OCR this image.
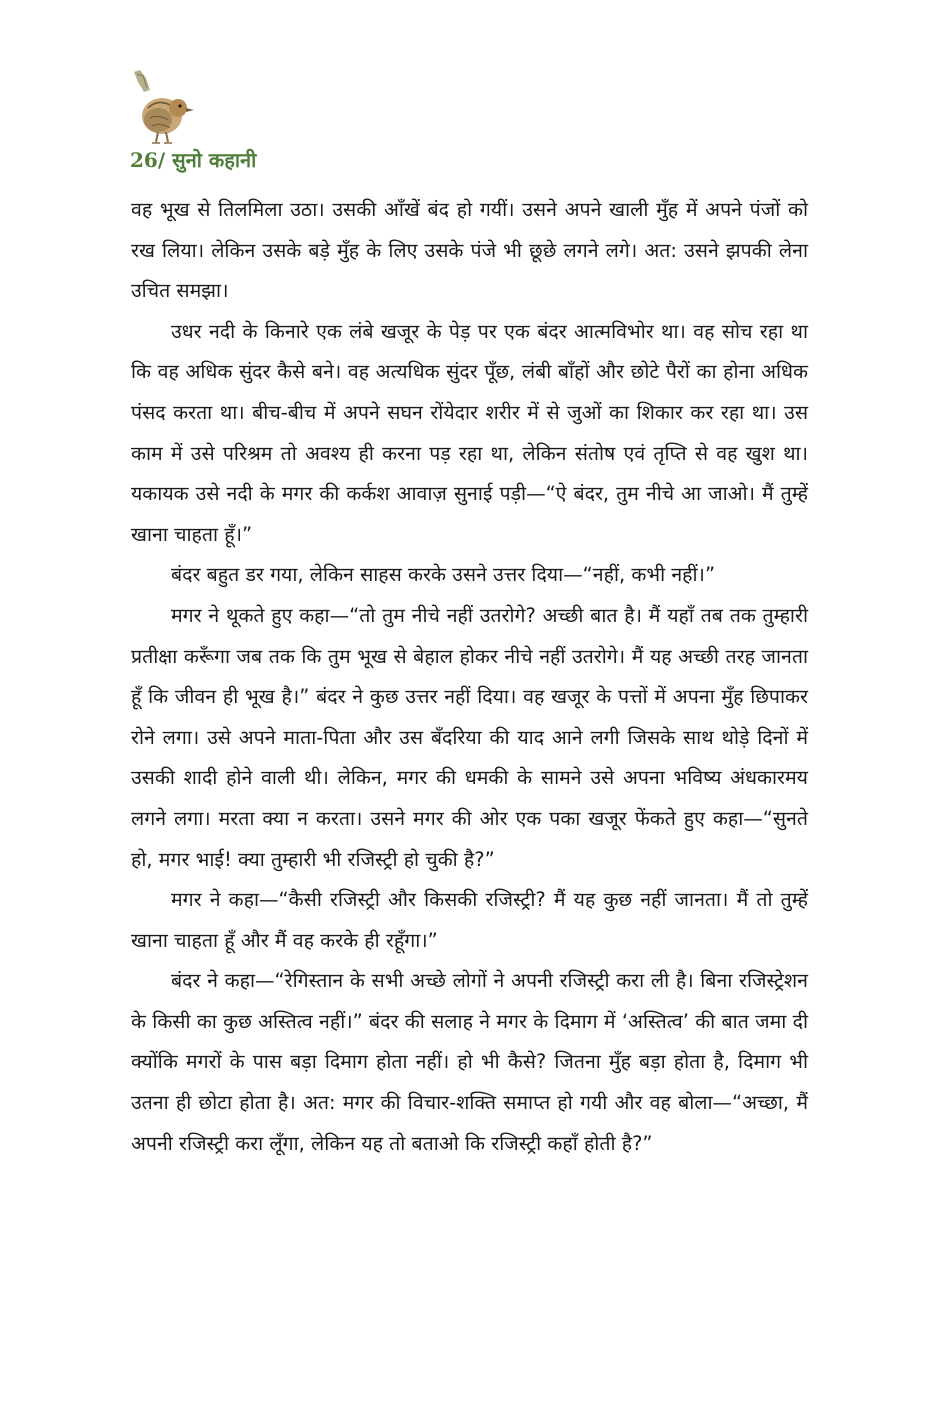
26/ सुनो कहानी

वह भूख से तिलमिला उठा। उसकी आँखें बंद हो गयीं। उसने अपने खाली मुँह में अपने पंजों को रख लिया। लेकिन उसके बड़े मुँह के लिए उसके पंजे भी छूछे लगने लगे। अत: उसने झपकी लेना उचित समझा।

उधर नदी के किनारे एक लंबे खजूर के पेड़ पर एक बंदर आत्मविभोर था। वह सोच रहा था कि वह अधिक सुंदर कैसे बने। वह अत्यधिक सुंदर पूँछ, लंबी बाँहों और छोटे पैरों का होना अधिक पंसद करता था। बीच-बीच में अपने सघन रोंयेदार शरीर में से जुओं का शिकार कर रहा था। उस काम में उसे परिश्रम तो अवश्य ही करना पड़ रहा था, लेकिन संतोष एवं तृप्ति से वह खुश था। यकायक उसे नदी के मगर की कर्कश आवाज़ सुनाई पड़ी—“ऐ बंदर, तुम नीचे आ जाओ। मैं तुम्हें खाना चाहता हूँ।”

बंदर बहुत डर गया, लेकिन साहस करके उसने उत्तर दिया—“नहीं, कभी नहीं।”

मगर ने थूकते हुए कहा—“तो तुम नीचे नहीं उतरोगे? अच्छी बात है। मैं यहाँ तब तक तुम्हारी प्रतीक्षा करूँगा जब तक कि तुम भूख से बेहाल होकर नीचे नहीं उतरोगे। मैं यह अच्छी तरह जानता हूँ कि जीवन ही भूख है।” बंदर ने कुछ उत्तर नहीं दिया। वह खजूर के पत्तों में अपना मुँह छिपाकर रोने लगा। उसे अपने माता-पिता और उस बँदरिया की याद आने लगी जिसके साथ थोड़े दिनों में उसकी शादी होने वाली थी। लेकिन, मगर की धमकी के सामने उसे अपना भविष्य अंधकारमय लगने लगा। मरता क्या न करता। उसने मगर की ओर एक पका खजूर फेंकते हुए कहा—“सुनते हो, मगर भाई! क्या तुम्हारी भी रजिस्ट्री हो चुकी है?”

मगर ने कहा—“कैसी रजिस्ट्री और किसकी रजिस्ट्री? मैं यह कुछ नहीं जानता। मैं तो तुम्हें खाना चाहता हूँ और मैं वह करके ही रहूँगा।”

बंदर ने कहा—“रेगिस्तान के सभी अच्छे लोगों ने अपनी रजिस्ट्री करा ली है। बिना रजिस्ट्रेशन के किसी का कुछ अस्तित्व नहीं।” बंदर की सलाह ने मगर के दिमाग में ‘अस्तित्व’ की बात जमा दी क्योंकि मगरों के पास बड़ा दिमाग होता नहीं। हो भी कैसे? जितना मुँह बड़ा होता है, दिमाग भी उतना ही छोटा होता है। अत: मगर की विचार-शक्ति समाप्त हो गयी और वह बोला—“अच्छा, मैं अपनी रजिस्ट्री करा लूँगा, लेकिन यह तो बताओ कि रजिस्ट्री कहाँ होती है?”
